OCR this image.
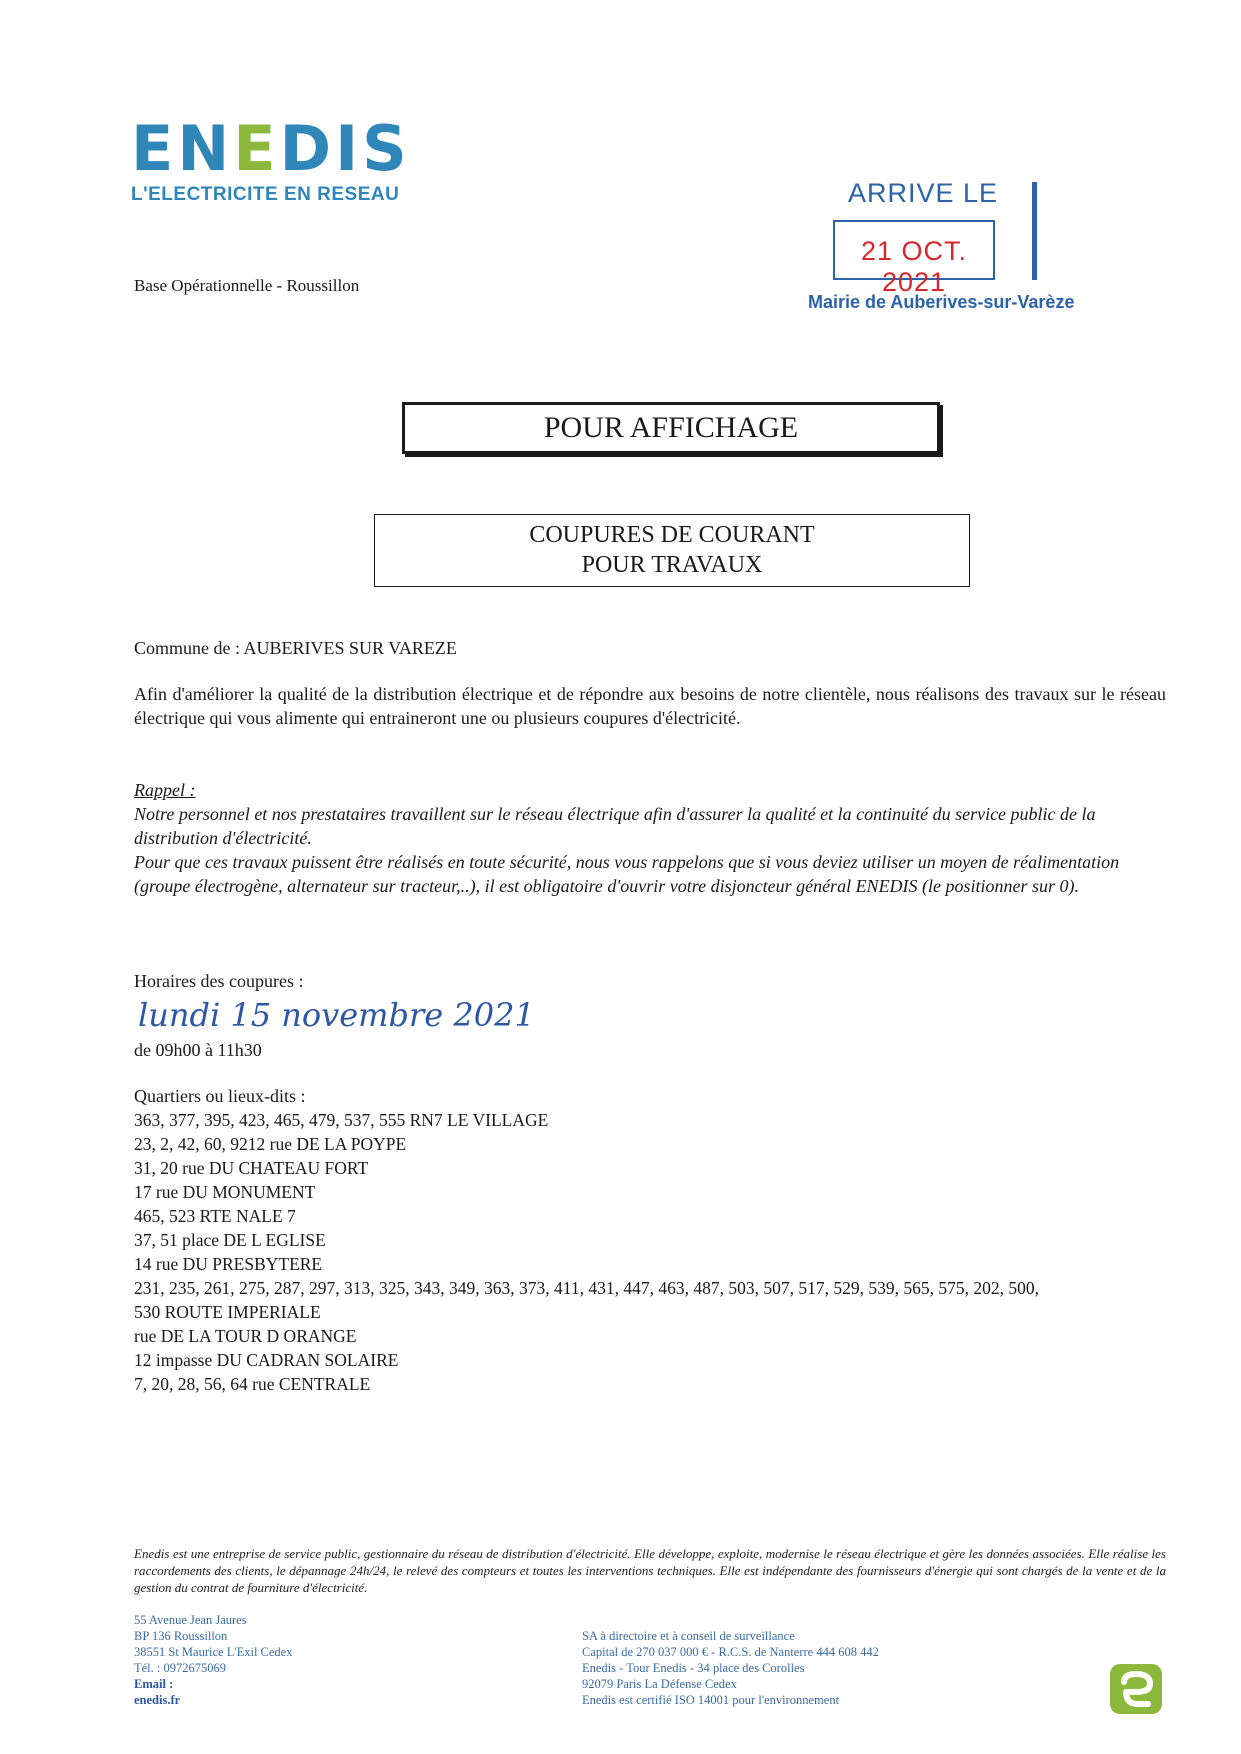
ENEDIS
L'ELECTRICITE EN RESEAU
Base Opérationnelle - Roussillon
ARRIVE LE
21 OCT. 2021
Mairie de Auberives-sur-Varèze
POUR AFFICHAGE
COUPURES DE COURANT
POUR TRAVAUX
Commune de : AUBERIVES SUR VAREZE
Afin d'améliorer la qualité de la distribution électrique et de répondre aux besoins de notre clientèle, nous réalisons des travaux sur le réseau électrique qui vous alimente qui entraineront une ou plusieurs coupures d'électricité.
Rappel :
Notre personnel et nos prestataires travaillent sur le réseau électrique afin d'assurer la qualité et la continuité du service public de la distribution d'électricité.
Pour que ces travaux puissent être réalisés en toute sécurité, nous vous rappelons que si vous deviez utiliser un moyen de réalimentation (groupe électrogène, alternateur sur tracteur,..), il est obligatoire d'ouvrir votre disjoncteur général ENEDIS (le positionner sur 0).
Horaires des coupures :
lundi 15 novembre 2021
de 09h00 à 11h30
Quartiers ou lieux-dits :
363, 377, 395, 423, 465, 479, 537, 555 RN7 LE VILLAGE
23, 2, 42, 60, 9212 rue DE LA POYPE
31, 20 rue DU CHATEAU FORT
17 rue DU MONUMENT
465, 523 RTE NALE 7
37, 51 place DE L EGLISE
14 rue DU PRESBYTERE
231, 235, 261, 275, 287, 297, 313, 325, 343, 349, 363, 373, 411, 431, 447, 463, 487, 503, 507, 517, 529, 539, 565, 575, 202, 500,
530 ROUTE IMPERIALE
rue DE LA TOUR D ORANGE
12 impasse DU CADRAN SOLAIRE
7, 20, 28, 56, 64 rue CENTRALE
Enedis est une entreprise de service public, gestionnaire du réseau de distribution d'électricité. Elle développe, exploite, modernise le réseau électrique et gère les données associées. Elle réalise les raccordements des clients, le dépannage 24h/24, le relevé des compteurs et toutes les interventions techniques. Elle est indépendante des fournisseurs d'énergie qui sont chargés de la vente et de la gestion du contrat de fourniture d'électricité.
55 Avenue Jean Jaures
BP 136 Roussillon
38551 St Maurice L'Exil Cedex
Tél. : 0972675069
Email :
enedis.fr
SA à directoire et à conseil de surveillance
Capital de 270 037 000 € - R.C.S. de Nanterre 444 608 442
Enedis - Tour Enedis - 34 place des Corolles
92079 Paris La Défense Cedex
Enedis est certifié ISO 14001 pour l'environnement
